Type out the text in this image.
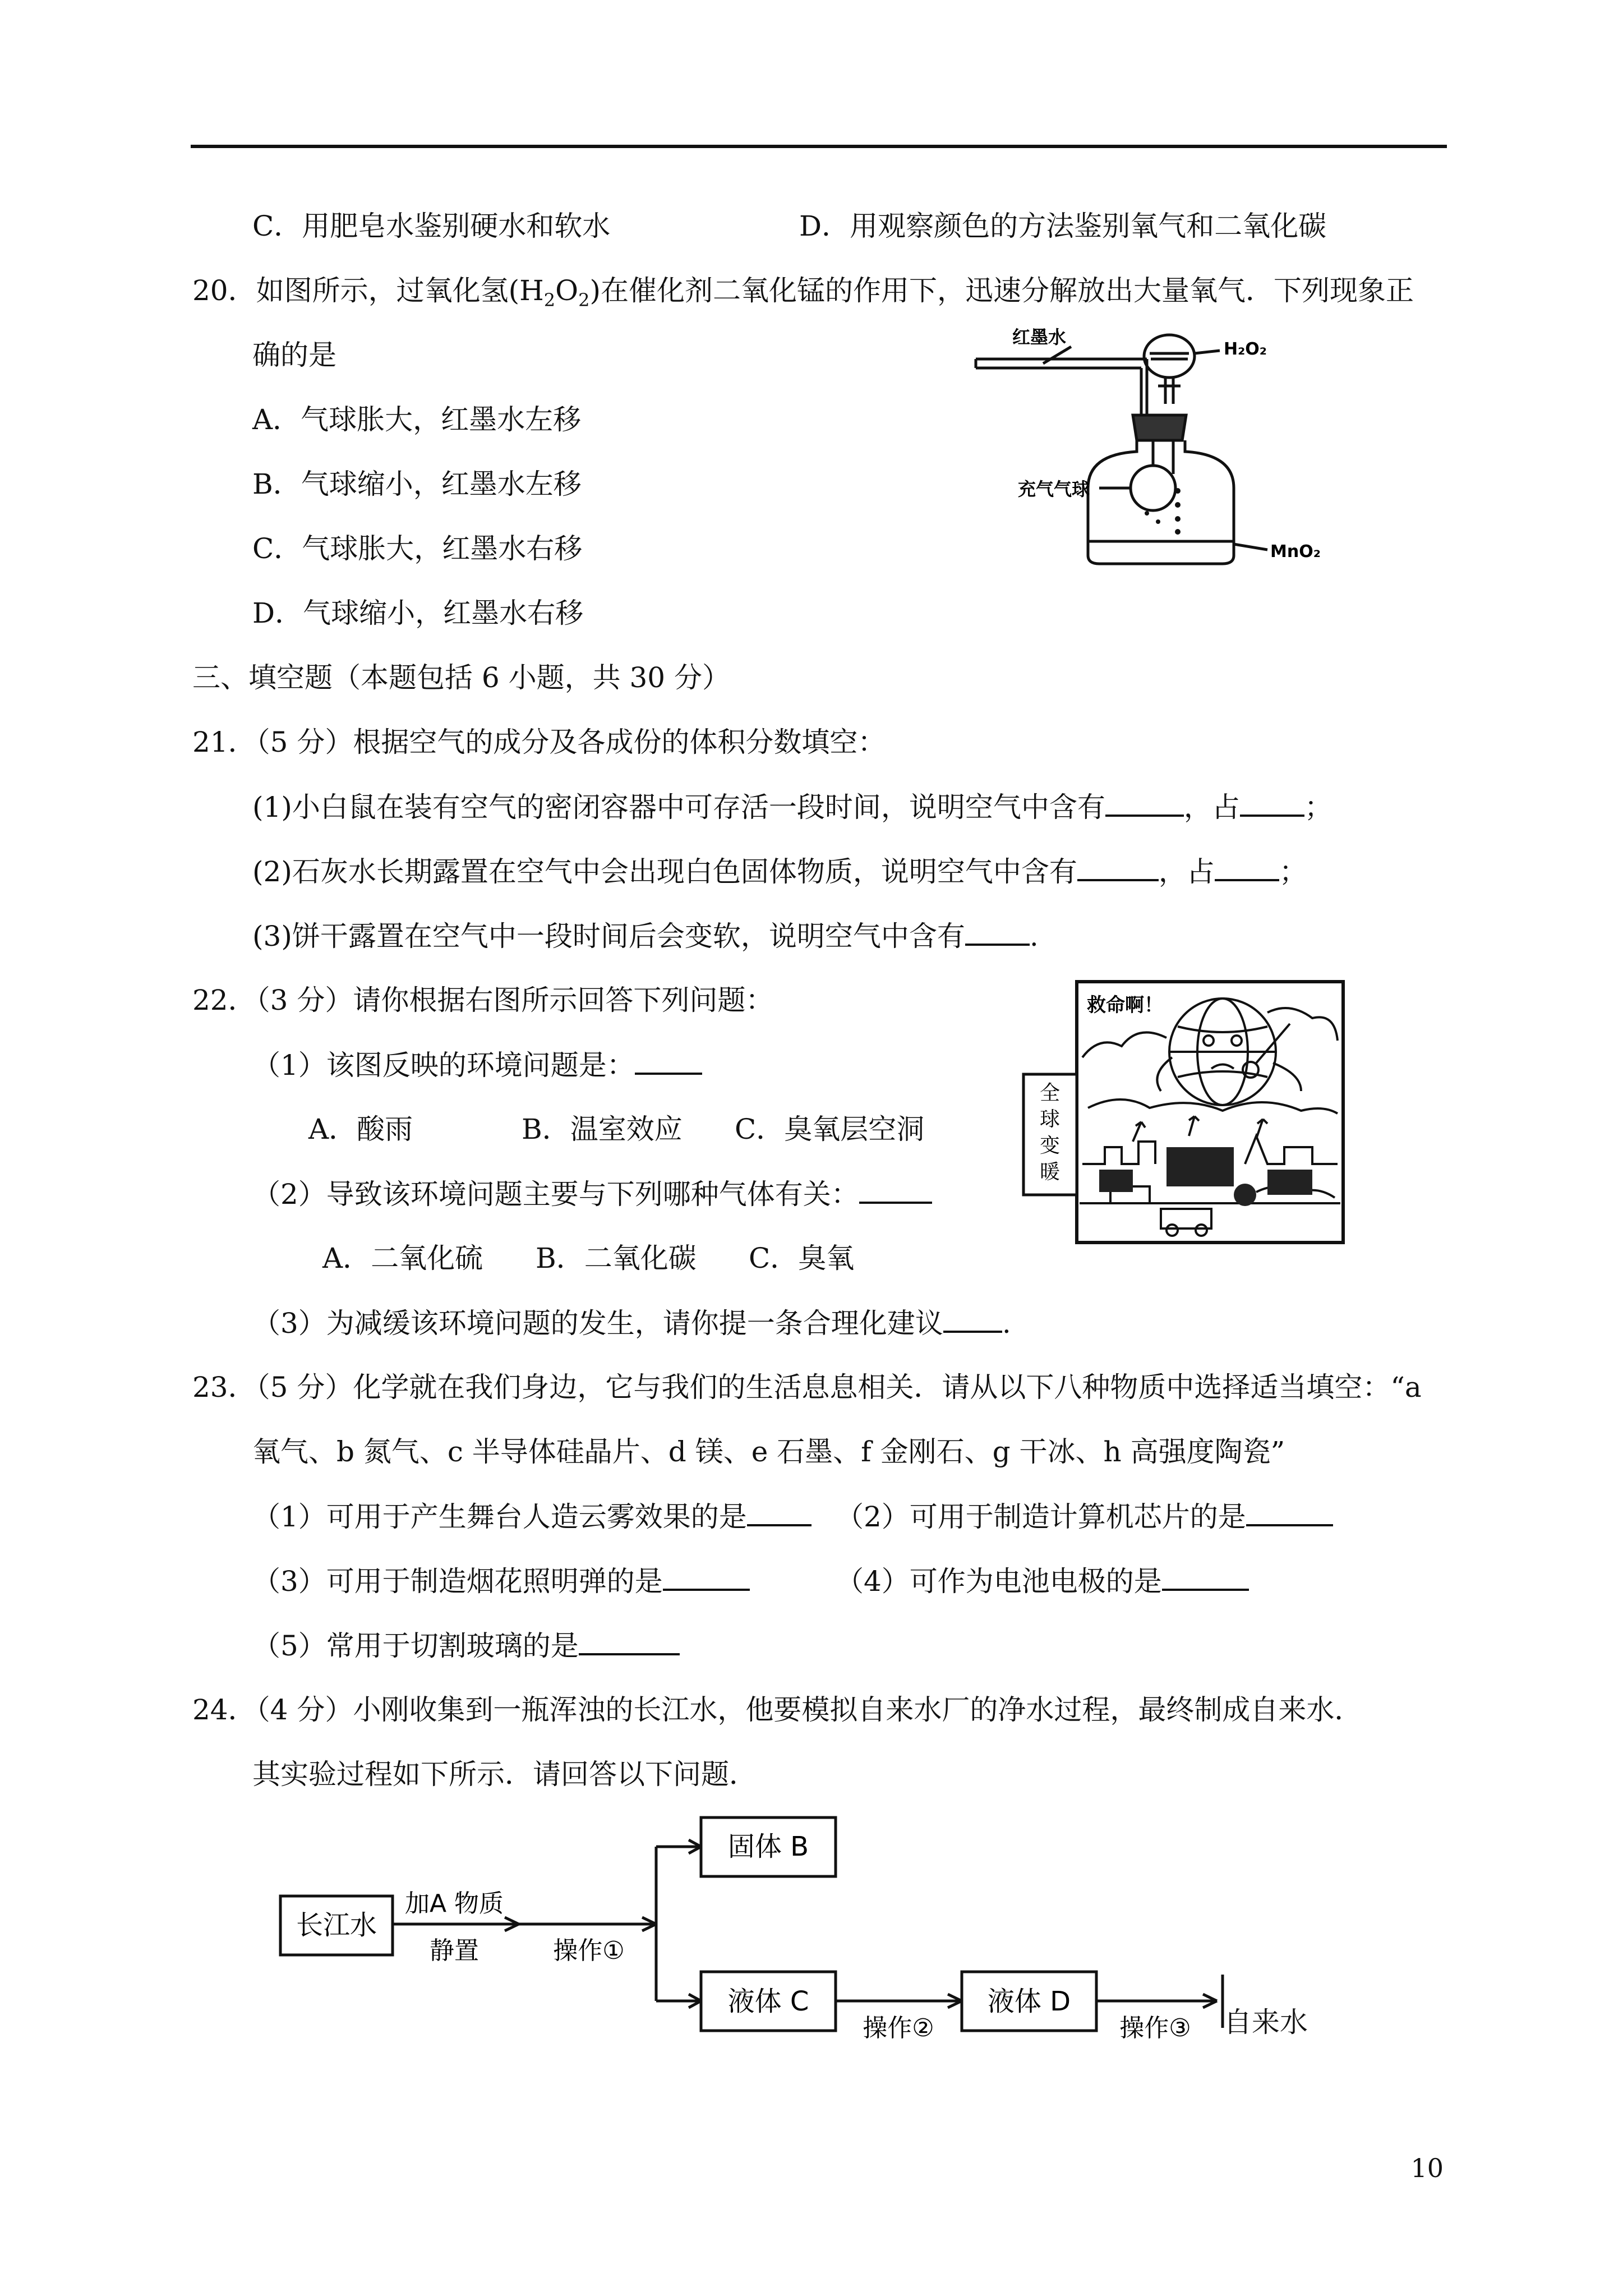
C．用肥皂水鉴别硬水和软水	D．用观察颜色的方法鉴别氧气和二氧化碳
20．如图所示，过氧化氢$(H_2O_2)$在催化剂二氧化锰的作用下，迅速分解放出大量氧气．下列现象正
确的是
A．气球胀大，红墨水左移
B．气球缩小，红墨水左移
C．气球胀大，红墨水右移
D．气球缩小，红墨水右移
红墨水
H₂O₂
充气气球
MnO₂
三、填空题（本题包括 6 小题，共 30 分）
21．（5 分）根据空气的成分及各成份的体积分数填空：
(1)小白鼠在装有空气的密闭容器中可存活一段时间，说明空气中含有	，占 ；
(2)石灰水长期露置在空气中会出现白色固体物质，说明空气中含有	，占 ；
(3)饼干露置在空气中一段时间后会变软，说明空气中含有 .
22．（3 分）请你根据右图所示回答下列问题：
（1）该图反映的环境问题是：
A．酸雨	B．温室效应 C．臭氧层空洞
（2）导致该环境问题主要与下列哪种气体有关：
A．二氧化硫 B．二氧化碳 C．臭氧
（3）为减缓该环境问题的发生，请你提一条合理化建议 .
全
球
变
暖
救命啊！
23．（5 分）化学就在我们身边，它与我们的生活息息相关．请从以下八种物质中选择适当填空：“a
氧气、b 氮气、c 半导体硅晶片、d 镁、e 石墨、f 金刚石、g 干冰、h 高强度陶瓷”
（1）可用于产生舞台人造云雾效果的是	（2）可用于制造计算机芯片的是
（3）可用于制造烟花照明弹的是	（4）可作为电池电极的是
（5）常用于切割玻璃的是
24．（4 分）小刚收集到一瓶浑浊的长江水，他要模拟自来水厂的净水过程，最终制成自来水．
其实验过程如下所示．请回答以下问题．
长江水
加A 物质
静置	操作①
固体 B
液体 C
操作②
液体 D
操作③ 自来水
10
